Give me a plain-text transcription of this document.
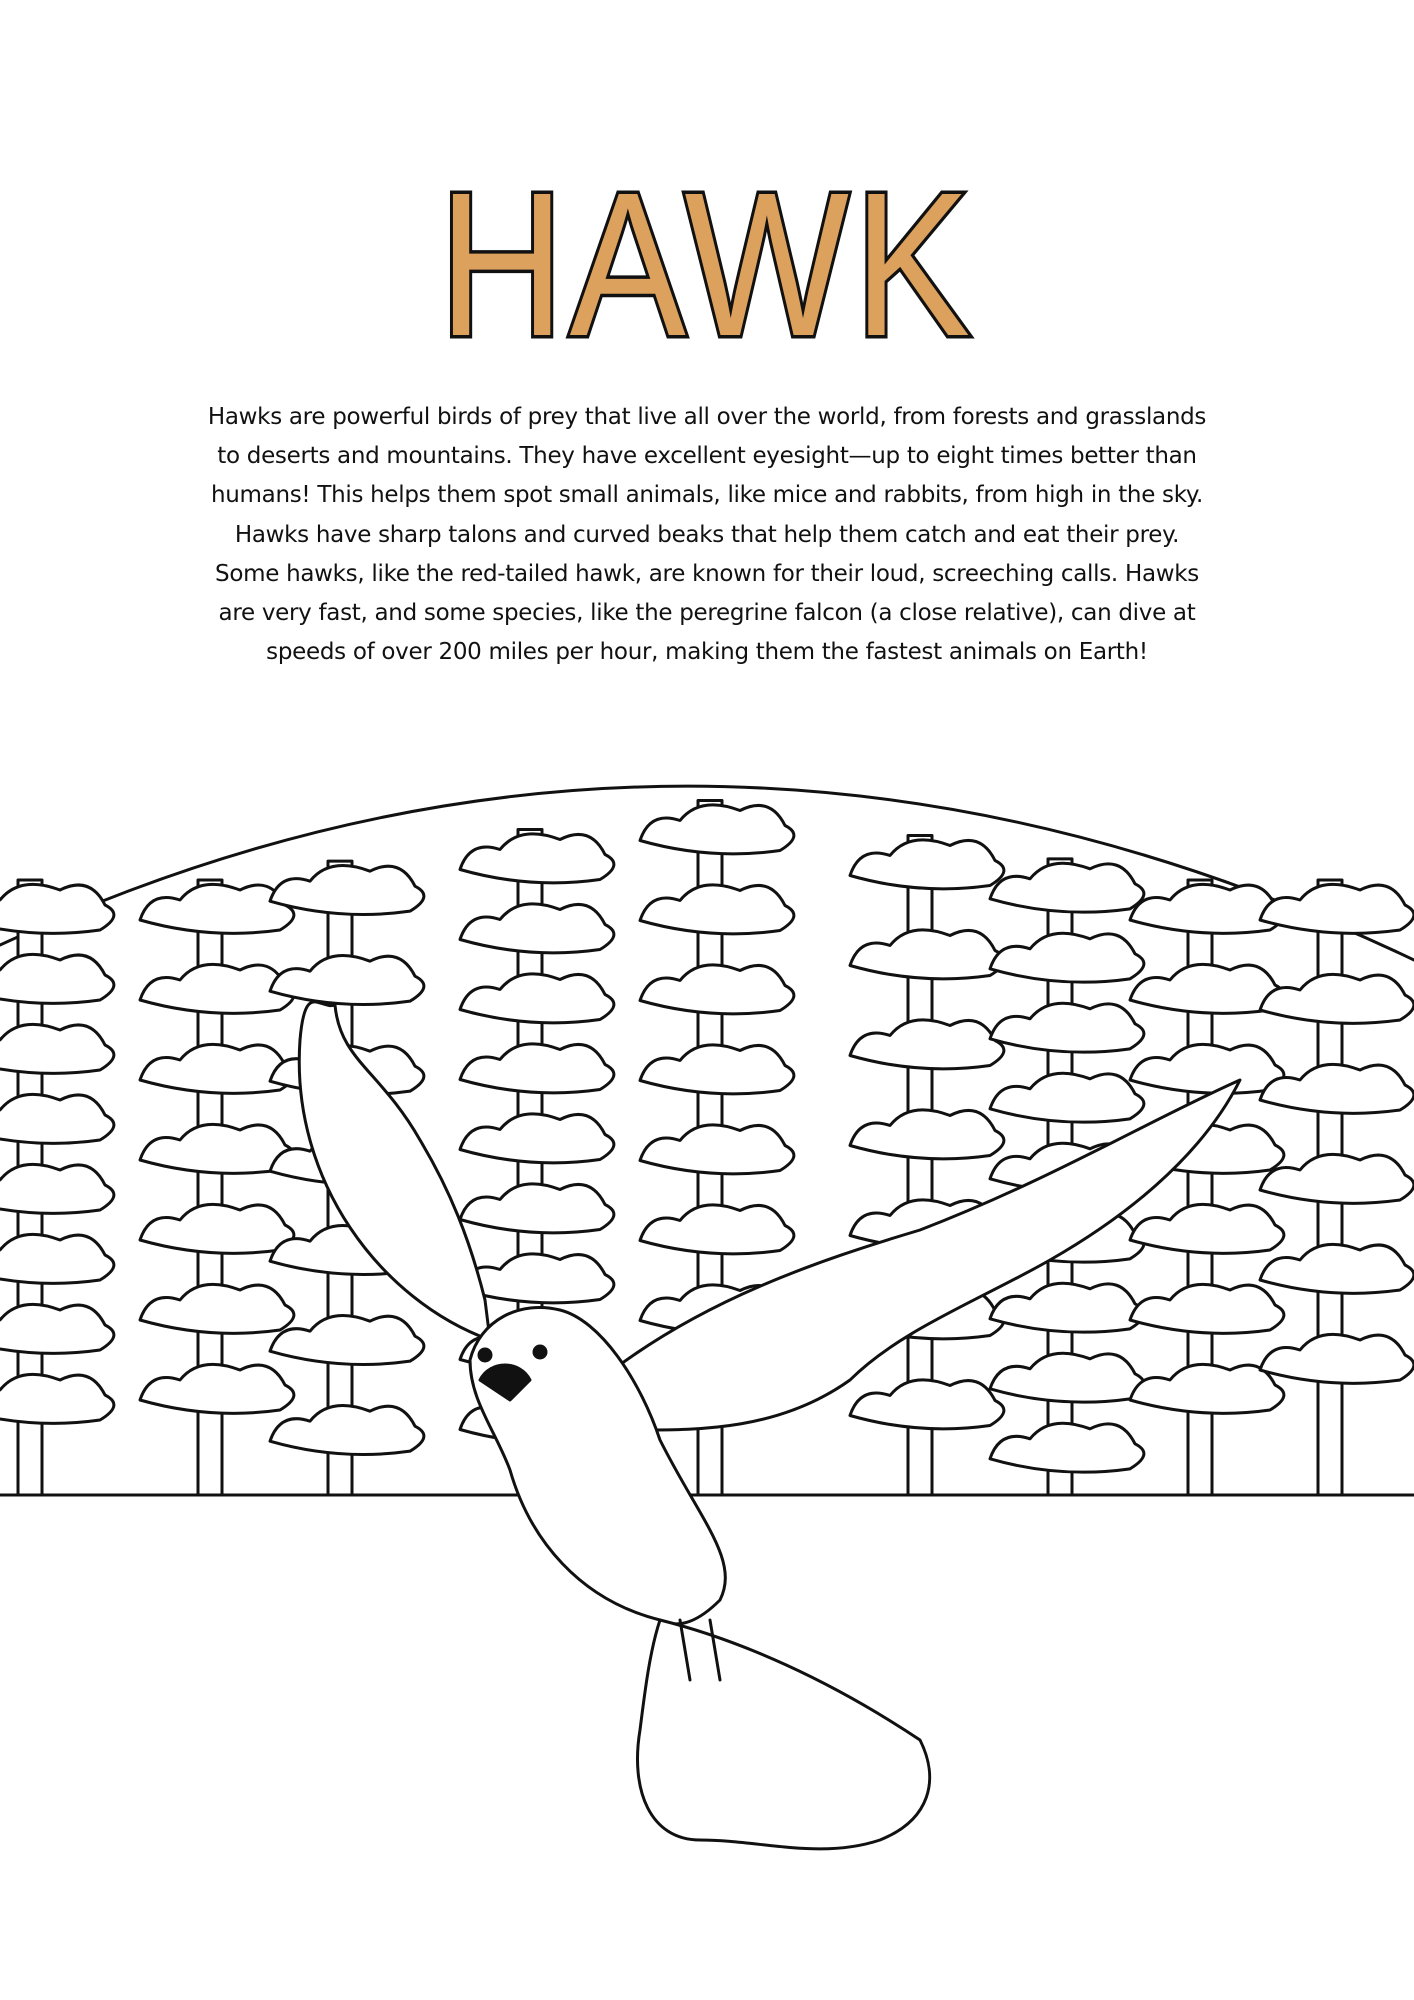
HAWK
Hawks are powerful birds of prey that live all over the world, from forests and grasslands
to deserts and mountains. They have excellent eyesight—up to eight times better than
humans! This helps them spot small animals, like mice and rabbits, from high in the sky.
Hawks have sharp talons and curved beaks that help them catch and eat their prey.
Some hawks, like the red-tailed hawk, are known for their loud, screeching calls. Hawks
are very fast, and some species, like the peregrine falcon (a close relative), can dive at
speeds of over 200 miles per hour, making them the fastest animals on Earth!
